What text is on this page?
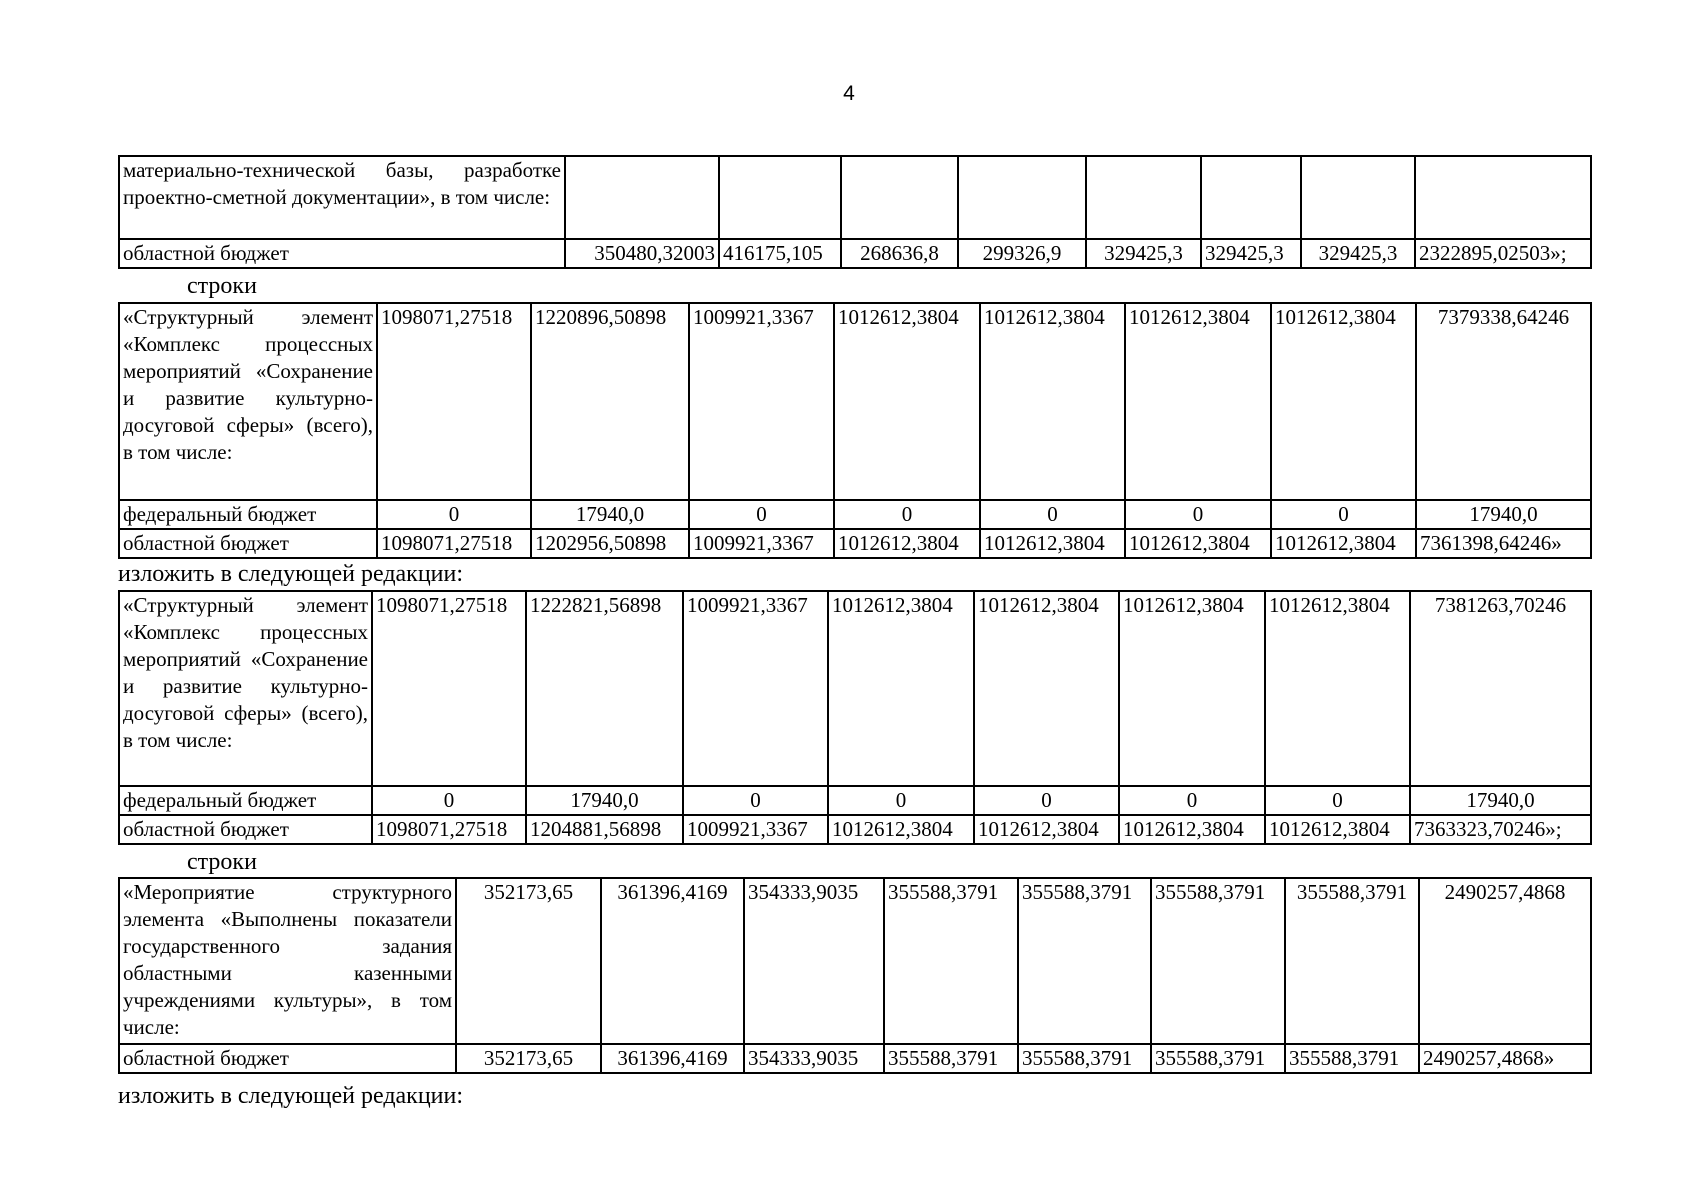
4
материально-технической базы, разработке проектно-сметной документации», в том числе:								
областной бюджет	350480,32003	416175,105	268636,8	299326,9	329425,3	329425,3	329425,3	2322895,02503»;
строки
«Структурный элемент «Комплекс процессных мероприятий «Сохранение и развитие культурно-досуговой сферы» (всего), в том числе:	1098071,27518	1220896,50898	1009921,3367	1012612,3804	1012612,3804	1012612,3804	1012612,3804	7379338,64246
федеральный бюджет	0	17940,0	0	0	0	0	0	17940,0
областной бюджет	1098071,27518	1202956,50898	1009921,3367	1012612,3804	1012612,3804	1012612,3804	1012612,3804	7361398,64246»
изложить в следующей редакции:
«Структурный элемент «Комплекс процессных мероприятий «Сохранение и развитие культурно-досуговой сферы» (всего), в том числе:	1098071,27518	1222821,56898	1009921,3367	1012612,3804	1012612,3804	1012612,3804	1012612,3804	7381263,70246
федеральный бюджет	0	17940,0	0	0	0	0	0	17940,0
областной бюджет	1098071,27518	1204881,56898	1009921,3367	1012612,3804	1012612,3804	1012612,3804	1012612,3804	7363323,70246»;
строки
«Мероприятие структурного элемента «Выполнены показатели государственного задания областными казенными учреждениями культуры», в том числе:	352173,65	361396,4169	354333,9035	355588,3791	355588,3791	355588,3791	355588,3791	2490257,4868
областной бюджет	352173,65	361396,4169	354333,9035	355588,3791	355588,3791	355588,3791	355588,3791	2490257,4868»
изложить в следующей редакции:
